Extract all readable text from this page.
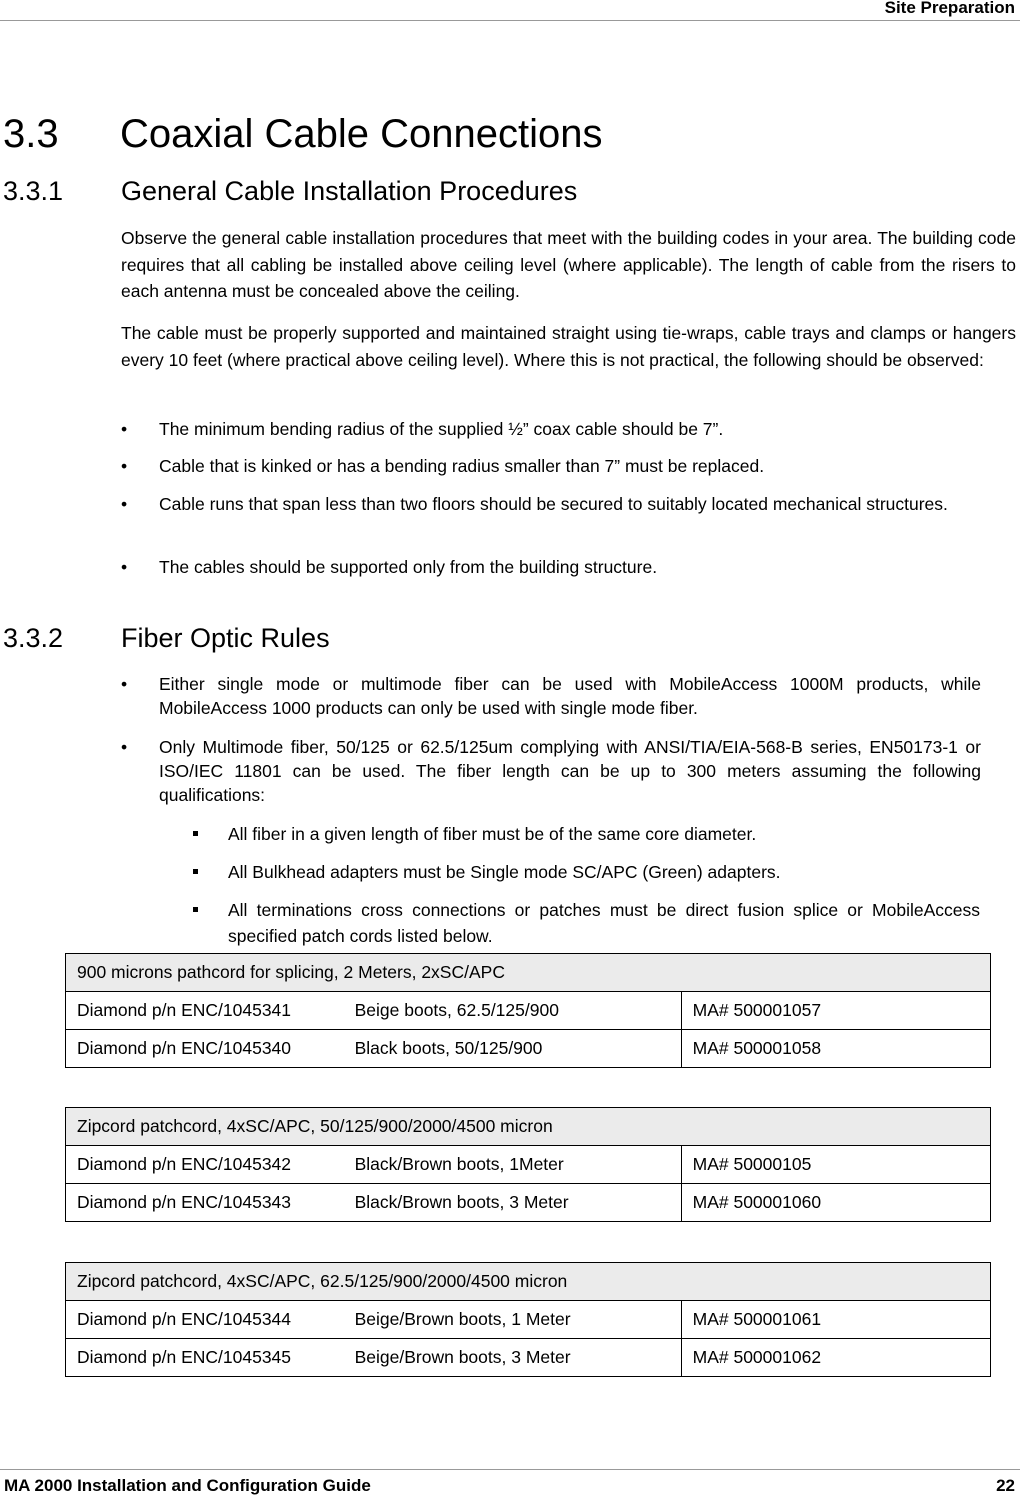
Site Preparation
3.3 Coaxial Cable Connections
3.3.1 General Cable Installation Procedures
Observe the general cable installation procedures that meet with the building codes in your area. The building code requires that all cabling be installed above ceiling level (where applicable). The length of cable from the risers to each antenna must be concealed above the ceiling.
The cable must be properly supported and maintained straight using tie-wraps, cable trays and clamps or hangers every 10 feet (where practical above ceiling level). Where this is not practical, the following should be observed:
• The minimum bending radius of the supplied ½” coax cable should be 7”.
• Cable that is kinked or has a bending radius smaller than 7” must be replaced.
• Cable runs that span less than two floors should be secured to suitably located mechanical structures.
• The cables should be supported only from the building structure.
3.3.2 Fiber Optic Rules
• Either single mode or multimode fiber can be used with MobileAccess 1000M products, while MobileAccess 1000 products can only be used with single mode fiber.
• Only Multimode fiber, 50/125 or 62.5/125um complying with ANSI/TIA/EIA-568-B series, EN50173-1 or ISO/IEC 11801 can be used. The fiber length can be up to 300 meters assuming the following qualifications:
All fiber in a given length of fiber must be of the same core diameter.
All Bulkhead adapters must be Single mode SC/APC (Green) adapters.
All terminations cross connections or patches must be direct fusion splice or MobileAccess specified patch cords listed below.
900 microns pathcord for splicing, 2 Meters, 2xSC/APC		
Diamond p/n ENC/1045341	Beige boots, 62.5/125/900	MA# 500001057
Diamond p/n ENC/1045340	Black boots, 50/125/900	MA# 500001058
Zipcord patchcord, 4xSC/APC, 50/125/900/2000/4500 micron		
Diamond p/n ENC/1045342	Black/Brown boots, 1Meter	MA# 50000105
Diamond p/n ENC/1045343	Black/Brown boots, 3 Meter	MA# 500001060
Zipcord patchcord, 4xSC/APC, 62.5/125/900/2000/4500 micron		
Diamond p/n ENC/1045344	Beige/Brown boots, 1 Meter	MA# 500001061
Diamond p/n ENC/1045345	Beige/Brown boots, 3 Meter	MA# 500001062
MA 2000 Installation and Configuration Guide	22
